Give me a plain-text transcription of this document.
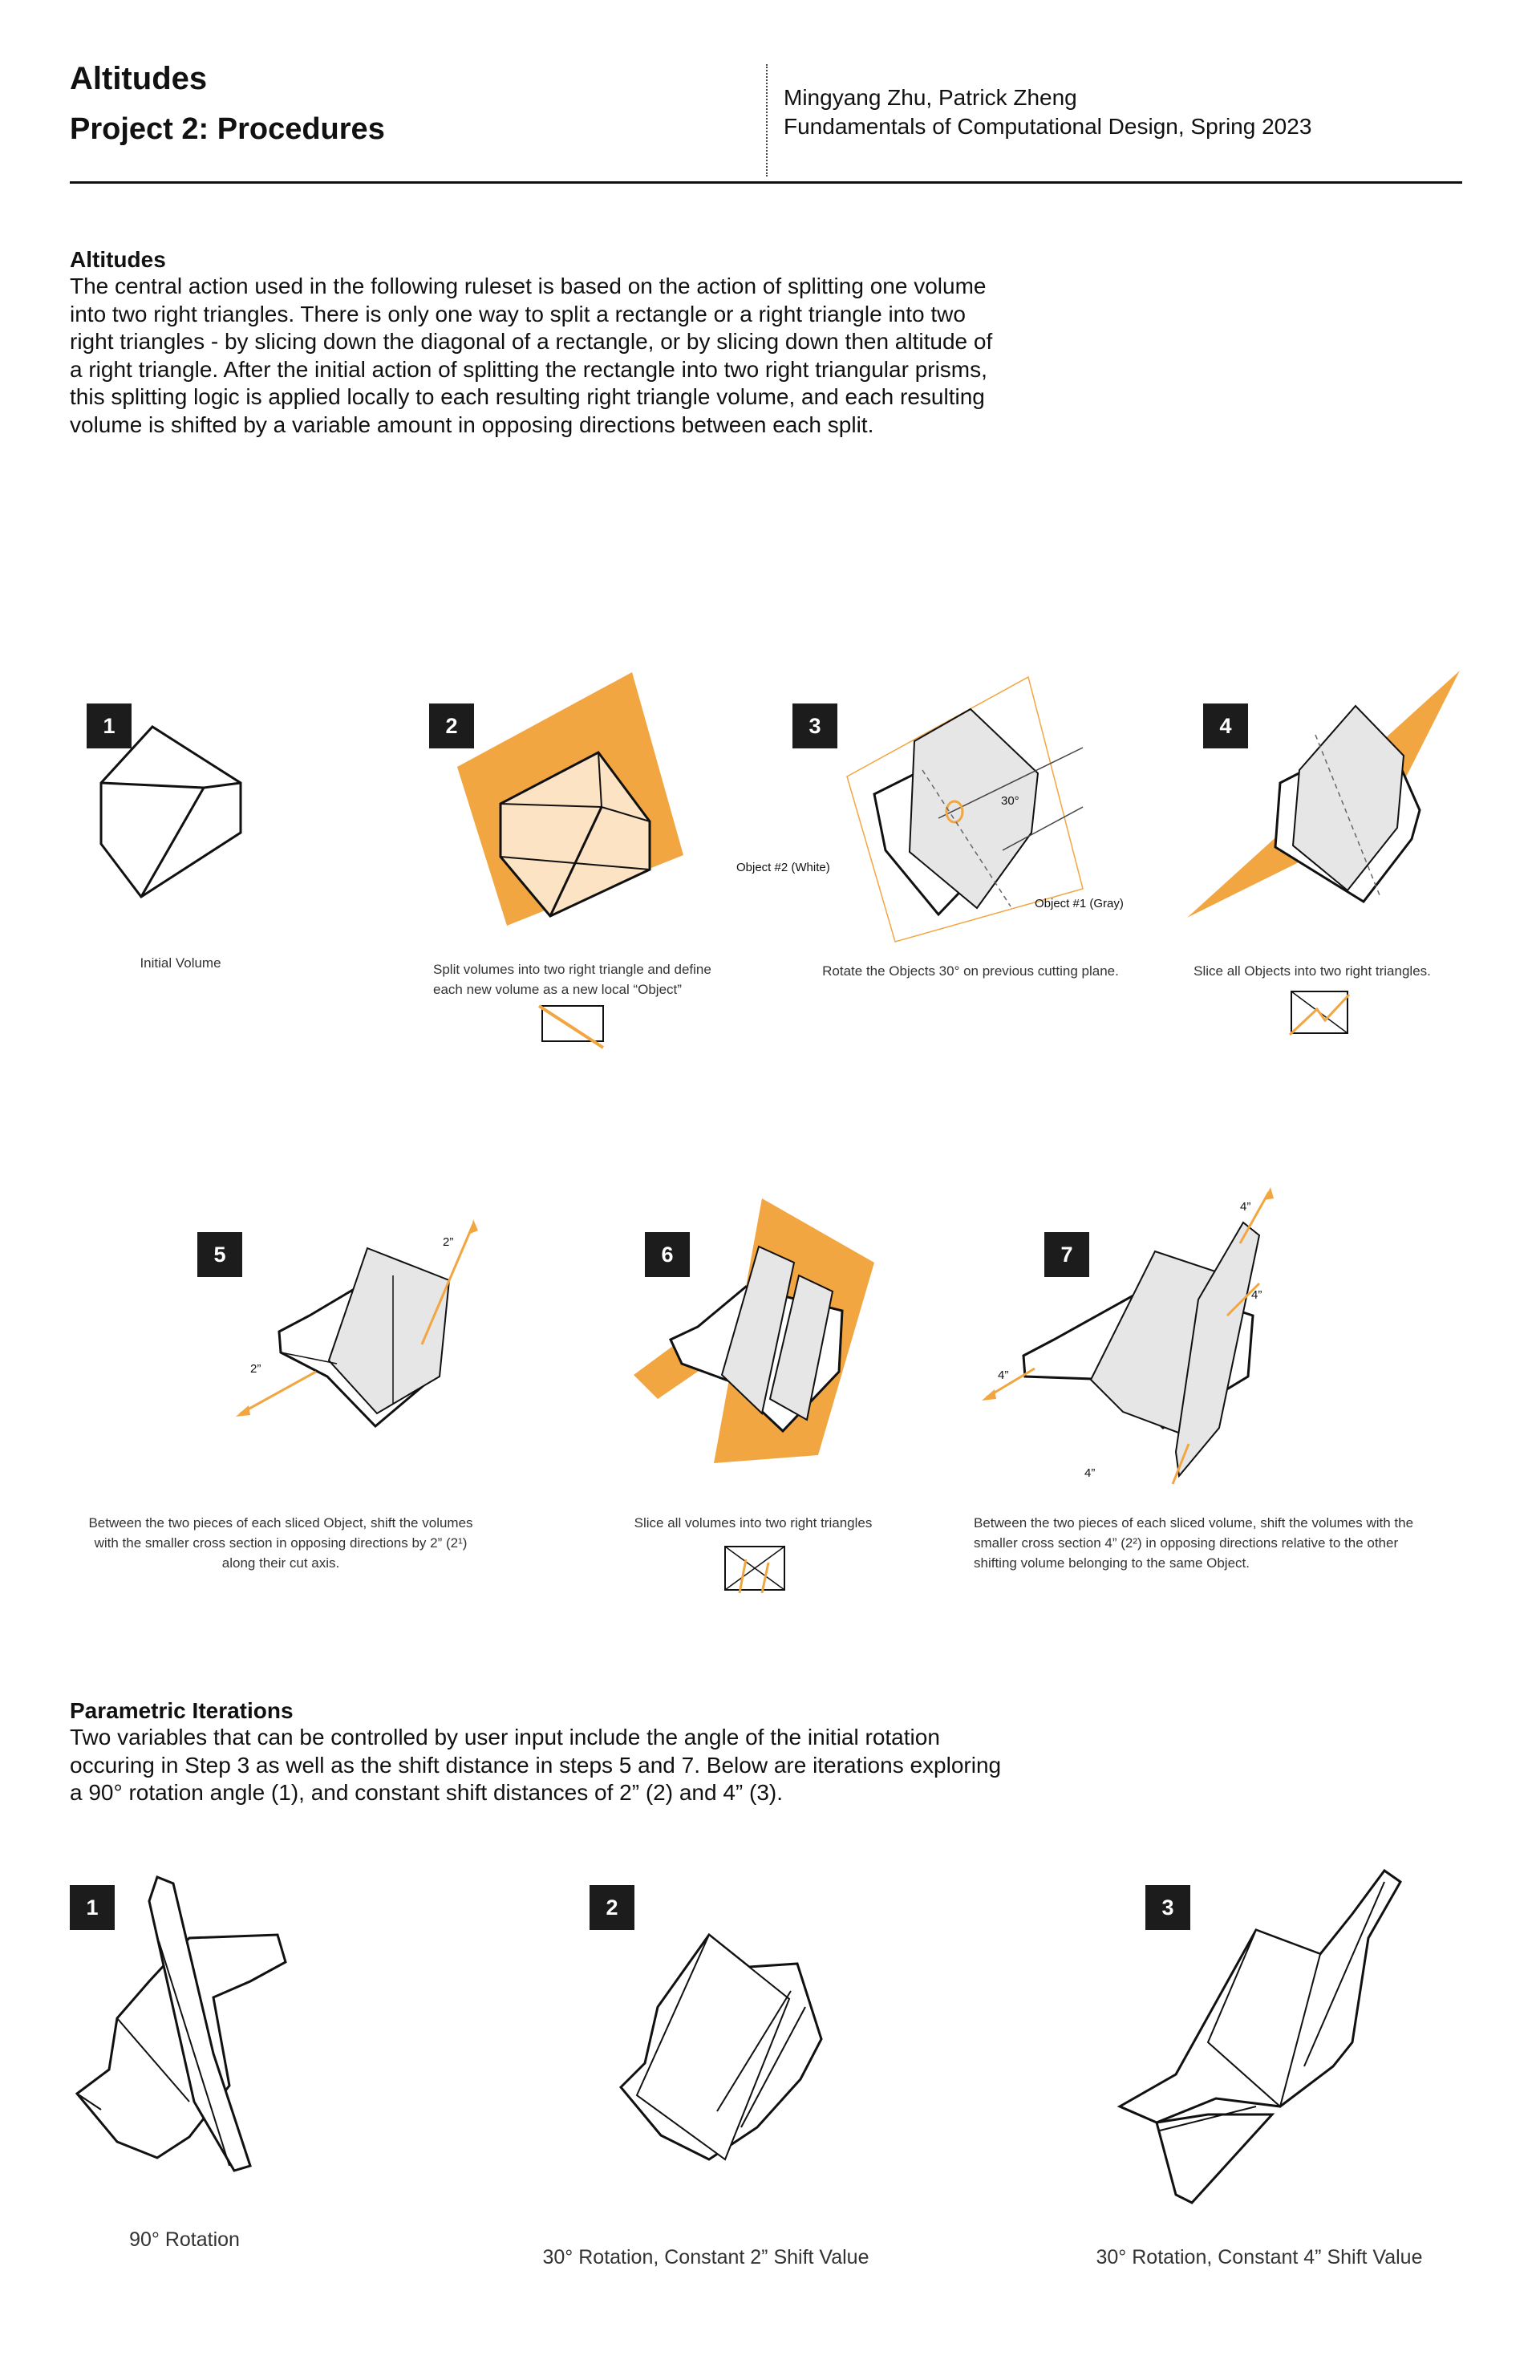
Altitudes
Project 2: Procedures
Mingyang Zhu, Patrick Zheng
Fundamentals of Computational Design, Spring 2023
Altitudes
The central action used in the following ruleset is based on the action of splitting one volume into two right triangles. There is only one way to split a rectangle or a right triangle into two right triangles - by slicing down the diagonal of a rectangle, or by slicing down then altitude of a right triangle. After the initial action of splitting the rectangle into two right triangular prisms, this splitting logic is applied locally to each resulting right triangle volume, and each resulting volume is shifted by a variable amount in opposing directions between each split.
1
Initial Volume
2
Split volumes into two right triangle and define each new volume as a new local “Object”
3
30°
Object #2 (White)
Object #1 (Gray)
Rotate the Objects 30° on previous cutting plane.
4
Slice all Objects into two right triangles.
5	2”
2”
Between the two pieces of each sliced Object, shift the volumes with the smaller cross section in opposing directions by 2” (2¹) along their cut axis.
6
Slice all volumes into two right triangles
7
4”
4”
4”
4”
Between the two pieces of each sliced volume, shift the volumes with the smaller cross section 4” (2²) in opposing directions relative to the other shifting volume belonging to the same Object.
Parametric Iterations
Two variables that can be controlled by user input include the angle of the initial rotation occuring in Step 3 as well as the shift distance in steps 5 and 7. Below are iterations exploring a 90° rotation angle (1), and constant shift distances of 2” (2) and 4” (3).
1
90° Rotation
2
30° Rotation, Constant 2” Shift Value
3
30° Rotation, Constant 4” Shift Value
